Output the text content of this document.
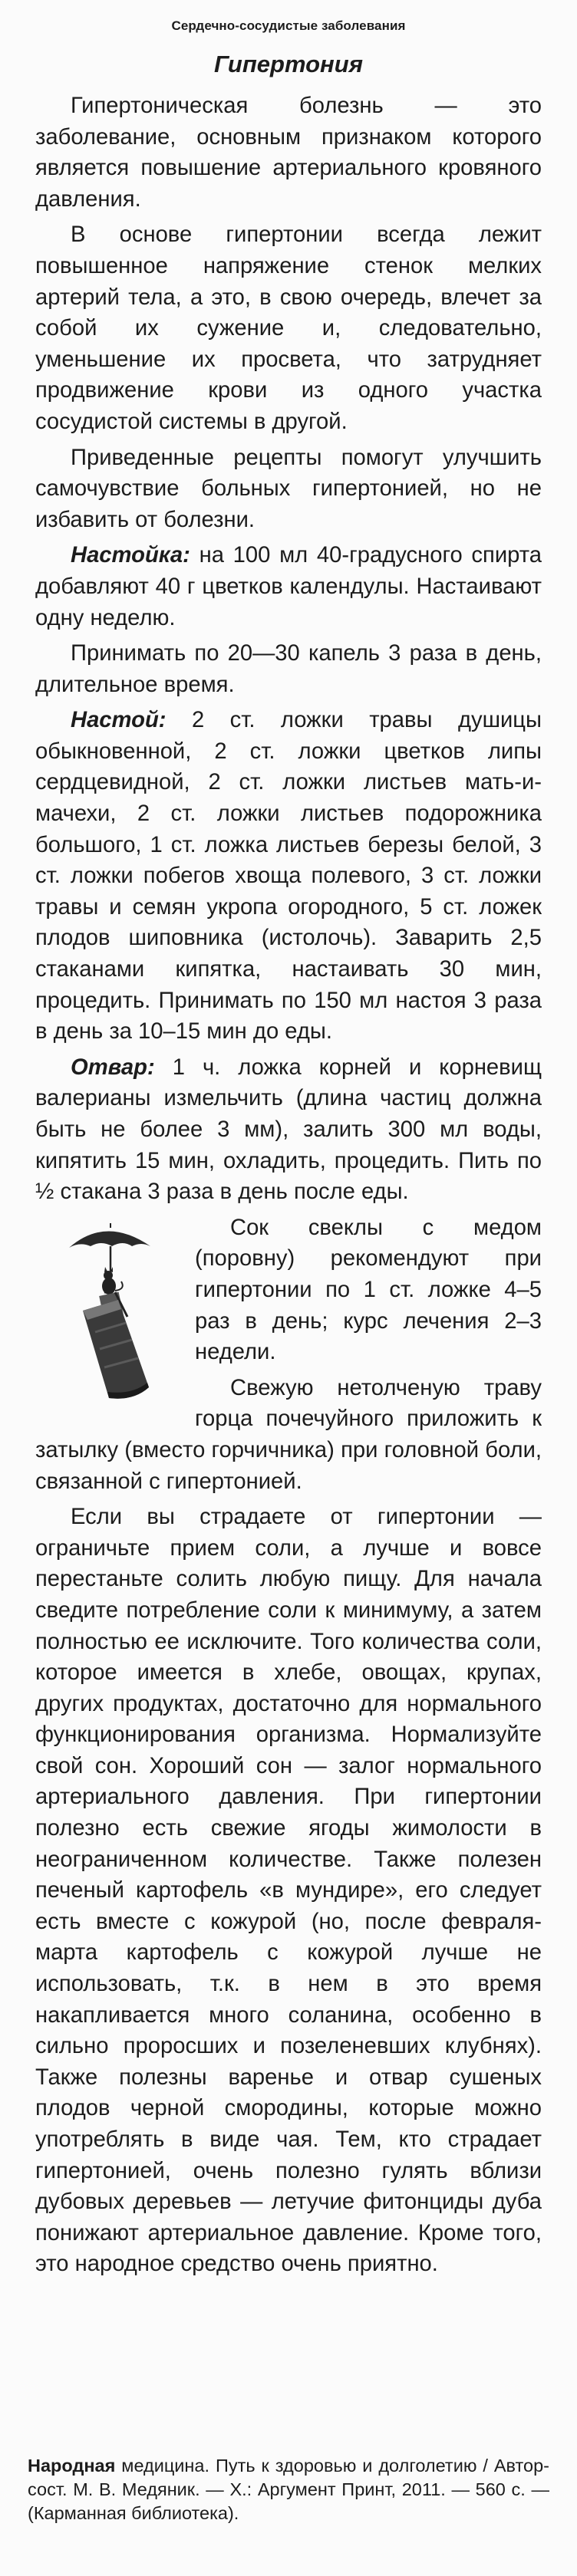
Сердечно-сосудистые заболевания
Гипертония

Гипертоническая болезнь — это заболевание, основным признаком которого является повышение артериального кровяного давления.

В основе гипертонии всегда лежит повышенное напряжение стенок мелких артерий тела, а это, в свою очередь, влечет за собой их сужение и, следовательно, уменьшение их просвета, что затрудняет продвижение крови из одного участка сосудистой системы в другой.

Приведенные рецепты помогут улучшить самочувствие больных гипертонией, но не избавить от болезни.

Настойка: на 100 мл 40-градусного спирта добавляют 40 г цветков календулы. Настаивают одну неделю.

Принимать по 20—30 капель 3 раза в день, длительное время.

Настой: 2 ст. ложки травы душицы обыкновенной, 2 ст. ложки цветков липы сердцевидной, 2 ст. ложки листьев мать-и-мачехи, 2 ст. ложки листьев подорожника большого, 1 ст. ложка листьев березы белой, 3 ст. ложки побегов хвоща полевого, 3 ст. ложки травы и семян укропа огородного, 5 ст. ложек плодов шиповника (истолочь). Заварить 2,5 стаканами кипятка, настаивать 30 мин, процедить. Принимать по 150 мл настоя 3 раза в день за 10–15 мин до еды.

Отвар: 1 ч. ложка корней и корневищ валерианы измельчить (длина частиц должна быть не более 3 мм), залить 300 мл воды, кипятить 15 мин, охладить, процедить. Пить по ½ стакана 3 раза в день после еды.

Сок свеклы с медом (поровну) рекомендуют при гипертонии по 1 ст. ложке 4–5 раз в день; курс лечения 2–3 недели.

Свежую нетолченую траву горца почечуйного приложить к затылку (вместо горчичника) при головной боли, связанной с гипертонией.

Если вы страдаете от гипертонии — ограничьте прием соли, а лучше и вовсе перестаньте солить любую пищу. Для начала сведите потребление соли к минимуму, а затем полностью ее исключите. Того количества соли, которое имеется в хлебе, овощах, крупах, других продуктах, достаточно для нормального функционирования организма. Нормализуйте свой сон. Хороший сон — залог нормального артериального давления. При гипертонии полезно есть свежие ягоды жимолости в неограниченном количестве. Также полезен печеный картофель «в мундире», его следует есть вместе с кожурой (но, после февраля-марта картофель с кожурой лучше не использовать, т.к. в нем в это время накапливается много соланина, особенно в сильно проросших и позеленевших клубнях). Также полезны варенье и отвар сушеных плодов черной смородины, которые можно употреблять в виде чая. Тем, кто страдает гипертонией, очень полезно гулять вблизи дубовых деревьев — летучие фитонциды дуба понижают артериальное давление. Кроме того, это народное средство очень приятно.

Народная медицина. Путь к здоровью и долголетию / Автор-сост. М. В. Медяник. — Х.: Аргумент Принт, 2011. — 560 с. — (Карманная библиотека).
